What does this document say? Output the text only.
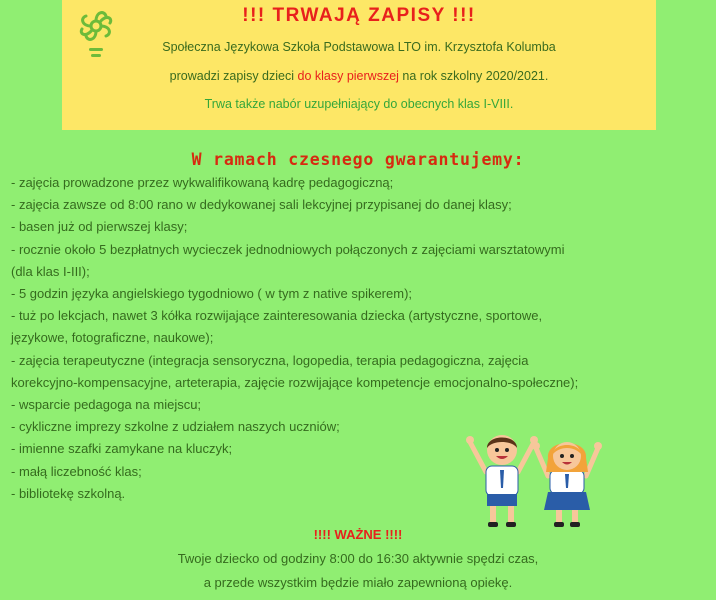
!!! TRWAJĄ ZAPISY !!!
Społeczna Językowa Szkoła Podstawowa LTO im. Krzysztofa Kolumba
prowadzi zapisy dzieci do klasy pierwszej na rok szkolny 2020/2021.
Trwa także nabór uzupełniający do obecnych klas I-VIII.
W ramach czesnego gwarantujemy:
- zajęcia prowadzone przez wykwalifikowaną kadrę pedagogiczną;
- zajęcia zawsze od 8:00 rano w dedykowanej sali lekcyjnej przypisanej do danej klasy;
- basen już od pierwszej klasy;
- rocznie około 5 bezpłatnych wycieczek jednodniowych połączonych z zajęciami warsztatowymi
(dla klas I-III);
- 5 godzin języka angielskiego tygodniowo ( w tym z native spikerem);
- tuż po lekcjach, nawet 3 kółka rozwijające zainteresowania dziecka (artystyczne, sportowe,
językowe, fotograficzne, naukowe);
- zajęcia terapeutyczne (integracja sensoryczna, logopedia, terapia pedagogiczna, zajęcia
korekcyjno-kompensacyjne, arteterapia, zajęcie rozwijające kompetencje emocjonalno-społeczne);
- wsparcie pedagoga na miejscu;
- cykliczne imprezy szkolne z udziałem naszych uczniów;
- imienne szafki zamykane na kluczyk;
- małą liczebność klas;
- bibliotekę szkolną.
!!!! WAŻNE !!!!
Twoje dziecko od godziny 8:00 do 16:30 aktywnie spędzi czas,
a przede wszystkim będzie miało zapewnioną opiekę.
